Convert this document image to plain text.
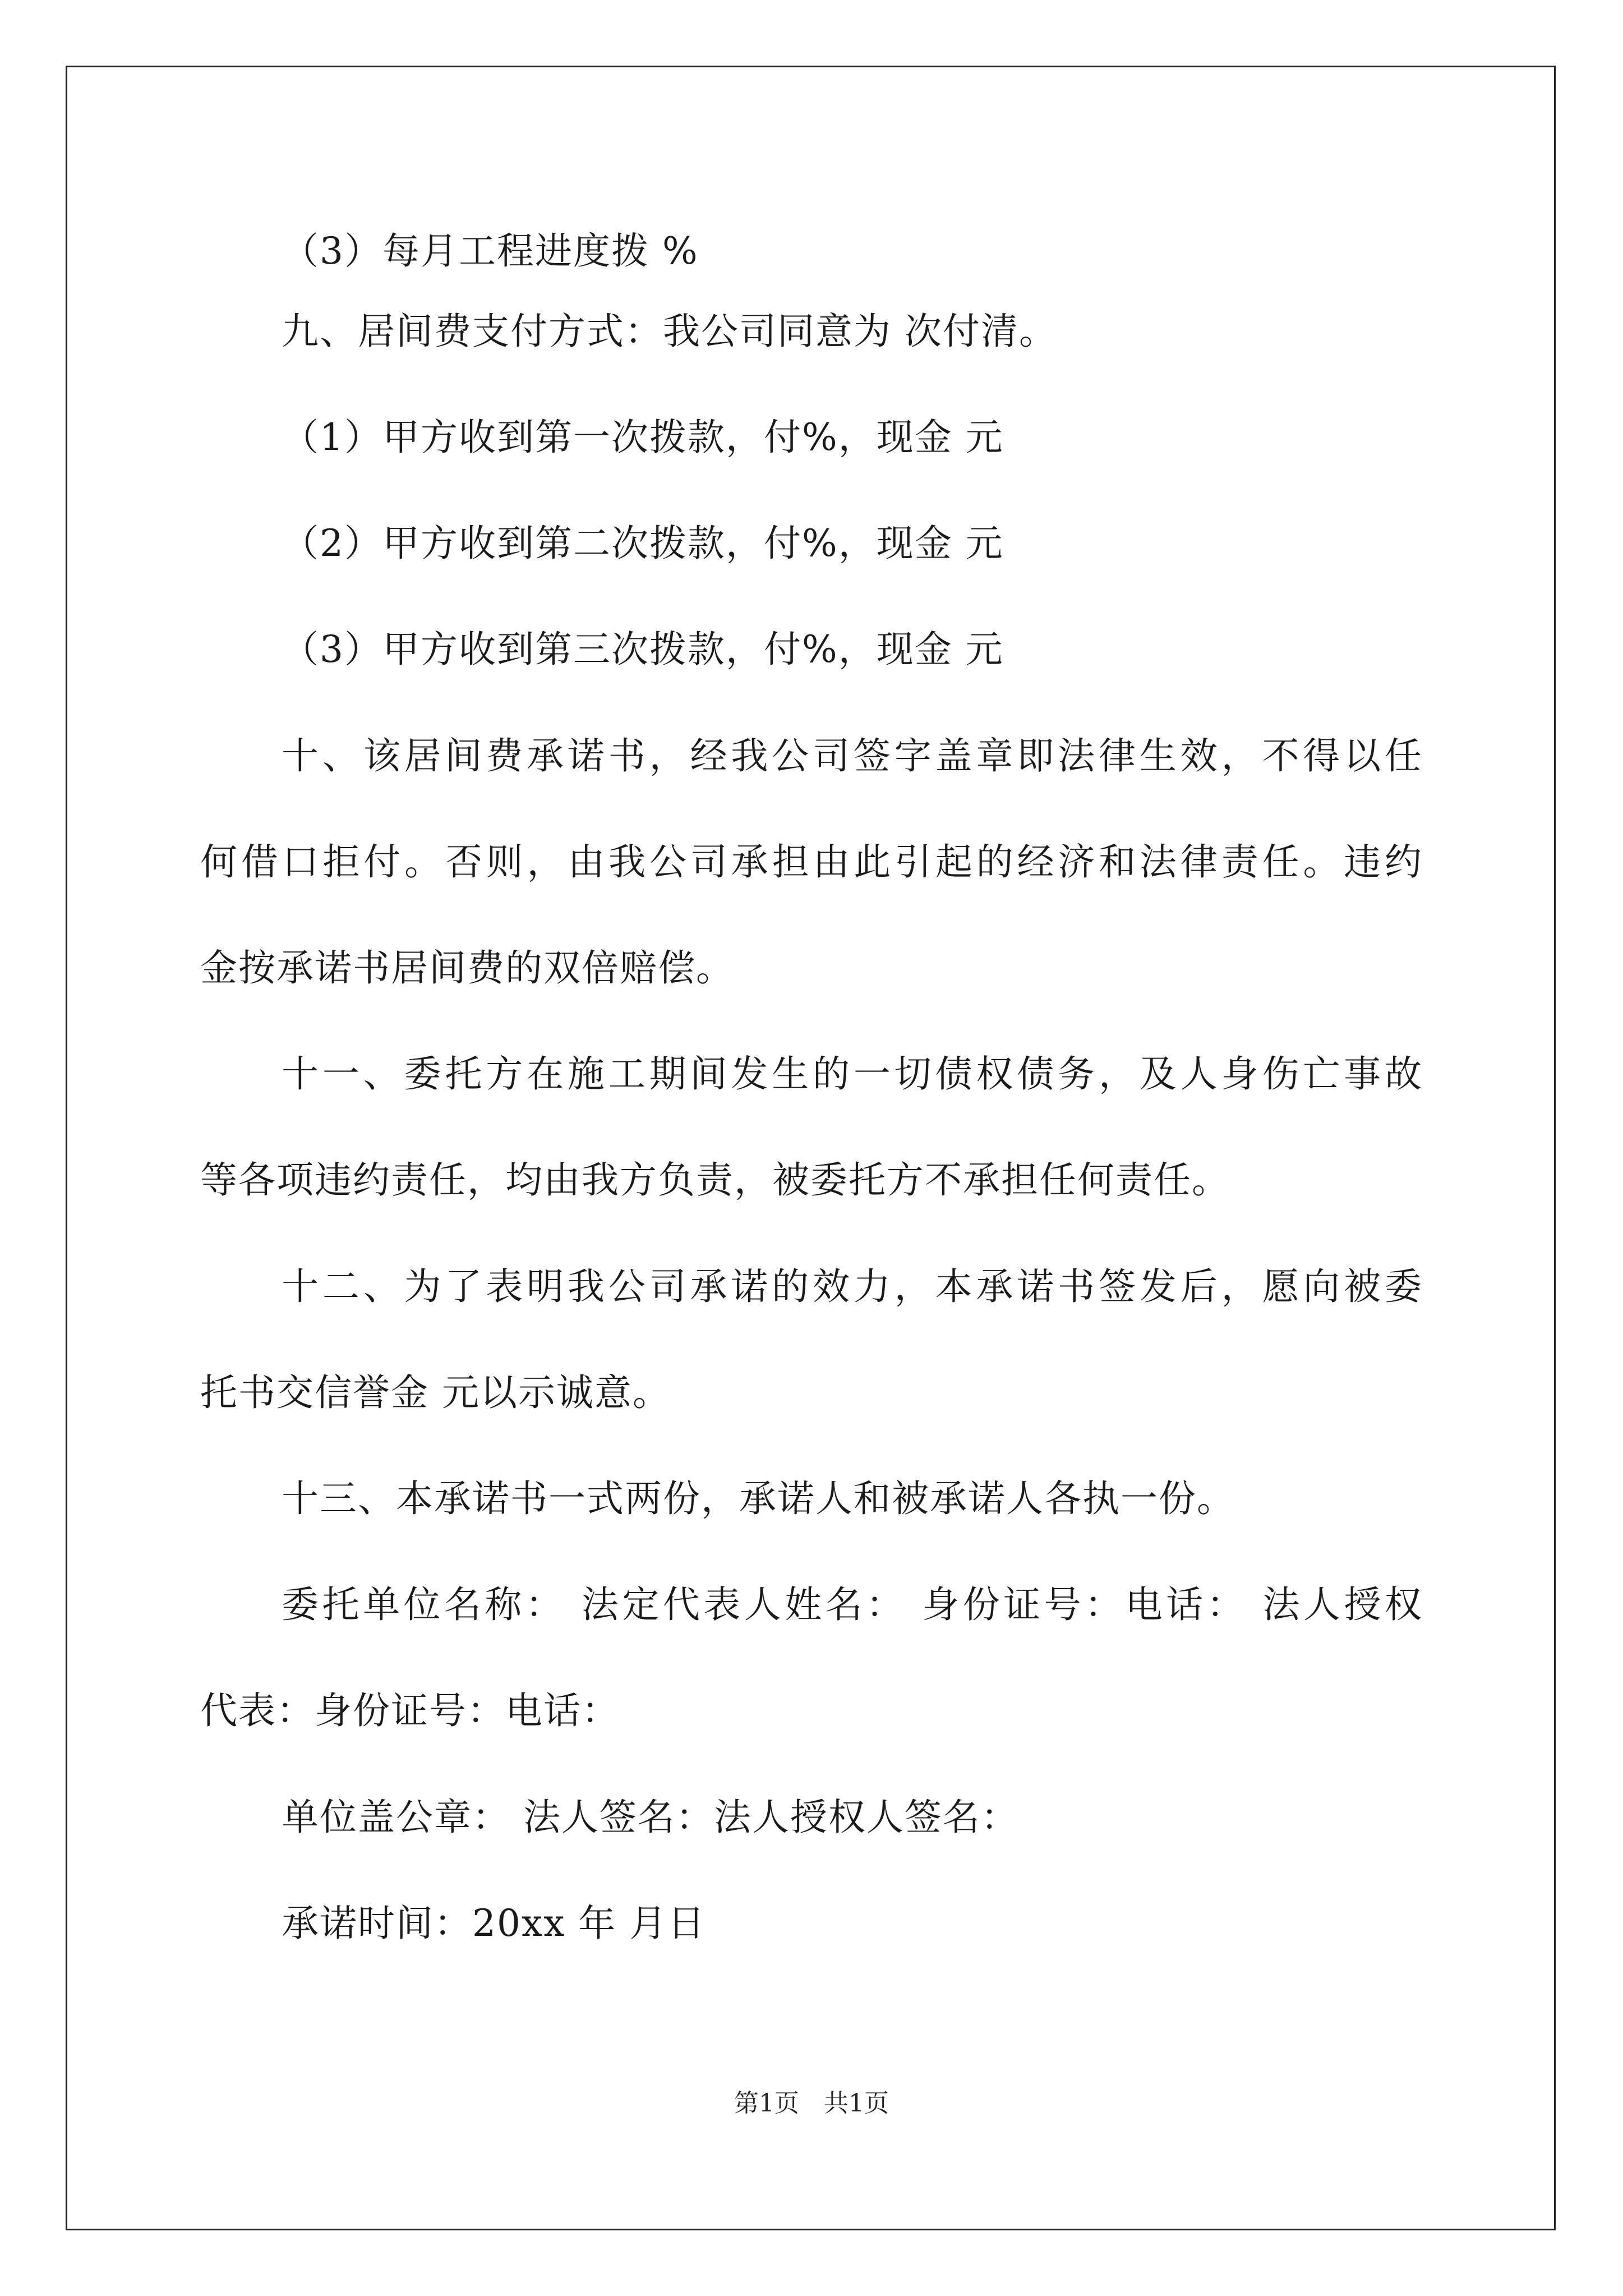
（3）每月工程进度拨 %
九、居间费支付方式：我公司同意为 次付清。
（1）甲方收到第一次拨款，付%，现金 元
（2）甲方收到第二次拨款，付%，现金 元
（3）甲方收到第三次拨款，付%，现金 元
十、该居间费承诺书，经我公司签字盖章即法律生效，不得以任
何借口拒付。否则，由我公司承担由此引起的经济和法律责任。违约
金按承诺书居间费的双倍赔偿。
十一、委托方在施工期间发生的一切债权债务，及人身伤亡事故
等各项违约责任，均由我方负责，被委托方不承担任何责任。
十二、为了表明我公司承诺的效力，本承诺书签发后，愿向被委
托书交信誉金 元以示诚意。
十三、本承诺书一式两份，承诺人和被承诺人各执一份。
委托单位名称： 法定代表人姓名： 身份证号：电话： 法人授权
代表：身份证号：电话：
单位盖公章： 法人签名：法人授权人签名：
承诺时间：20xx 年 月日
第1页　共1页
